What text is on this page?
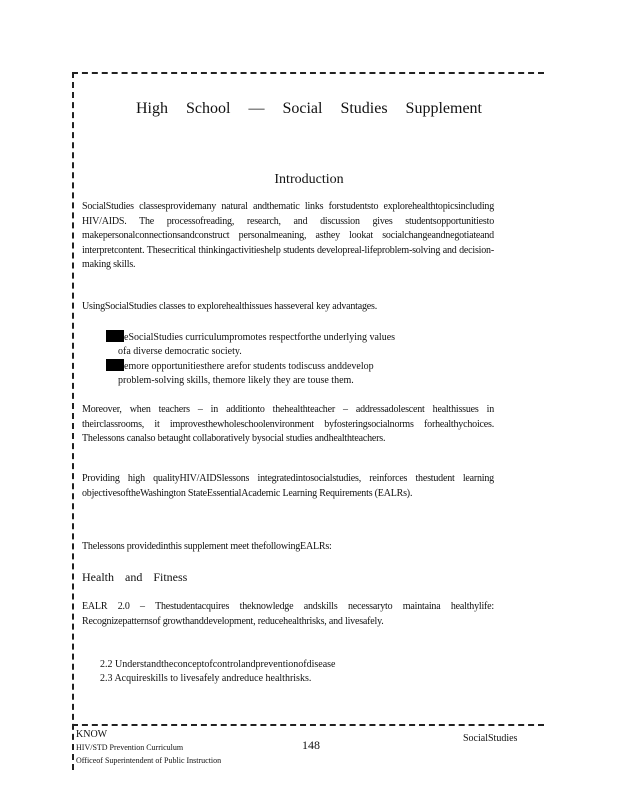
High School — Social Studies Supplement
Introduction
SocialStudies classesprovidemany natural andthematic links forstudentsto explorehealthtopicsincluding HIV/AIDS. The processofreading, research, and discussion gives studentsopportunitiesto makepersonalconnectionsandconstruct personalmeaning, asthey lookat socialchangeandnegotiateand interpretcontent. Thesecritical thinkingactivitieshelp students developreal-lifeproblem-solving and decision-making skills.
UsingSocialStudies classes to explorehealthissues hasseveral key advantages.
eSocialStudies curriculumpromotes respectforthe underlying values
ofa diverse democratic society.
emore opportunitiesthere arefor students todiscuss anddevelop
problem-solving skills, themore likely they are touse them.
Moreover, when teachers – in additionto thehealthteacher – addressadolescent healthissues in theirclassrooms, it improvesthewholeschoolenvironment byfosteringsocialnorms forhealthychoices. Thelessons canalso betaught collaboratively bysocial studies andhealthteachers.
Providing high qualityHIV/AIDSlessons integratedintosocialstudies, reinforces thestudent learning objectivesoftheWashington StateEssentialAcademic Learning Requirements (EALRs).
Thelessons providedinthis supplement meet thefollowingEALRs:
Health and Fitness
EALR 2.0 – Thestudentacquires theknowledge andskills necessaryto maintaina healthylife: Recognizepatternsof growthanddevelopment, reducehealthrisks, and livesafely.
2.2 Understandtheconceptofcontrolandpreventionofdisease
2.3 Acquireskills to livesafely andreduce healthrisks.
KNOW
HIV/STD Prevention Curriculum
Officeof Superintendent of Public Instruction
148	SocialStudies
